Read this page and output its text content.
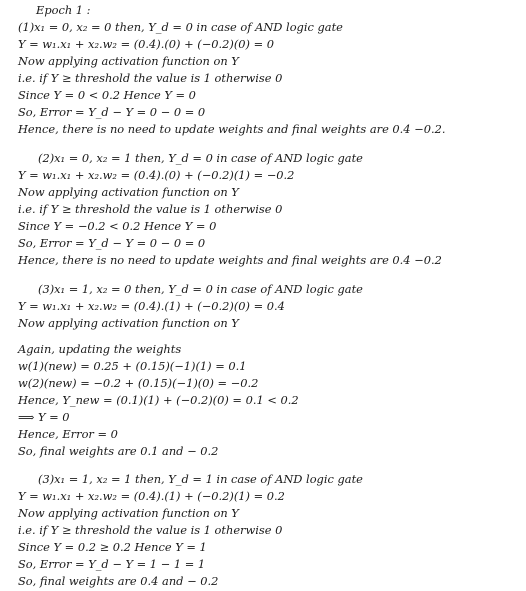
Epoch 1 :
(1)x₁ = 0, x₂ = 0 then, Y_d = 0 in case of AND logic gate
Y = w₁.x₁ + x₂.w₂ = (0.4).(0) + (−0.2)(0) = 0
Now applying activation function on Y
i.e. if Y ≥ threshold the value is 1 otherwise 0
Since Y = 0 < 0.2 Hence Y = 0
So, Error = Y_d − Y = 0 − 0 = 0
Hence, there is no need to update weights and final weights are 0.4 −0.2.
(2)x₁ = 0, x₂ = 1 then, Y_d = 0 in case of AND logic gate
Y = w₁.x₁ + x₂.w₂ = (0.4).(0) + (−0.2)(1) = −0.2
Now applying activation function on Y
i.e. if Y ≥ threshold the value is 1 otherwise 0
Since Y = −0.2 < 0.2 Hence Y = 0
So, Error = Y_d − Y = 0 − 0 = 0
Hence, there is no need to update weights and final weights are 0.4 −0.2
(3)x₁ = 1, x₂ = 0 then, Y_d = 0 in case of AND logic gate
Y = w₁.x₁ + x₂.w₂ = (0.4).(1) + (−0.2)(0) = 0.4
Now applying activation function on Y
Again, updating the weights
w(1)(new) = 0.25 + (0.15)(−1)(1) = 0.1
w(2)(new) = −0.2 + (0.15)(−1)(0) = −0.2
Hence, Y_new = (0.1)(1) + (−0.2)(0) = 0.1 < 0.2
⟹ Y = 0
Hence, Error = 0
So, final weights are 0.1 and − 0.2
(3)x₁ = 1, x₂ = 1 then, Y_d = 1 in case of AND logic gate
Y = w₁.x₁ + x₂.w₂ = (0.4).(1) + (−0.2)(1) = 0.2
Now applying activation function on Y
i.e. if Y ≥ threshold the value is 1 otherwise 0
Since Y = 0.2 ≥ 0.2 Hence Y = 1
So, Error = Y_d − Y = 1 − 1 = 1
So, final weights are 0.4 and − 0.2
